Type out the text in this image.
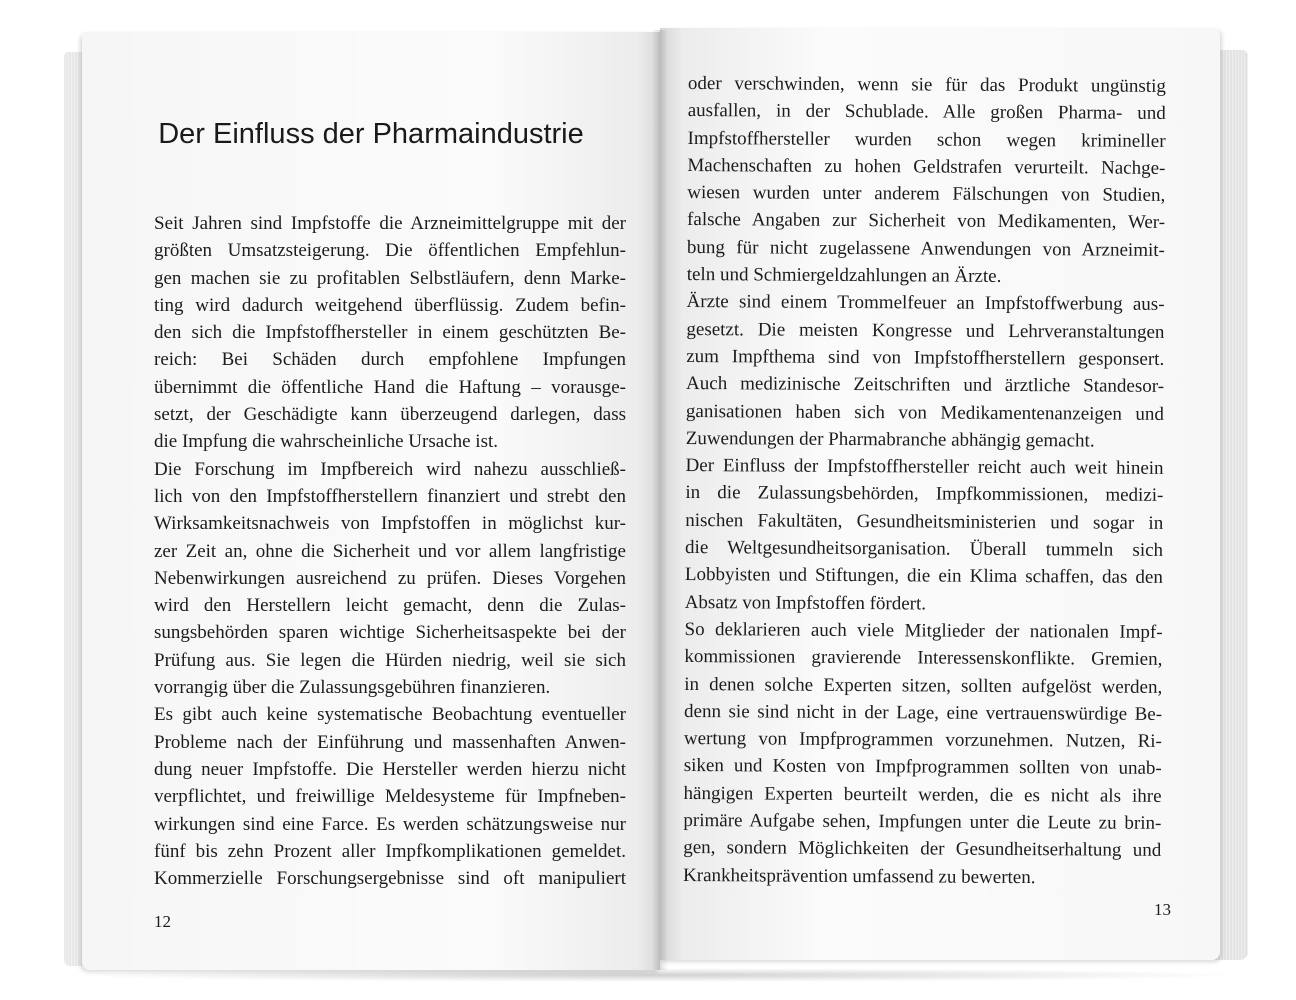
Der Einfluss der Pharmaindustrie

Seit Jahren sind Impfstoffe die Arzneimittelgruppe mit der
größten Umsatzsteigerung. Die öffentlichen Empfehlun-
gen machen sie zu profitablen Selbstläufern, denn Marke-
ting wird dadurch weitgehend überflüssig. Zudem befin-
den sich die Impfstoffhersteller in einem geschützten Be-
reich: Bei Schäden durch empfohlene Impfungen
übernimmt die öffentliche Hand die Haftung – vorausge-
setzt, der Geschädigte kann überzeugend darlegen, dass
die Impfung die wahrscheinliche Ursache ist.

Die Forschung im Impfbereich wird nahezu ausschließ-
lich von den Impfstoffherstellern finanziert und strebt den
Wirksamkeitsnachweis von Impfstoffen in möglichst kur-
zer Zeit an, ohne die Sicherheit und vor allem langfristige
Nebenwirkungen ausreichend zu prüfen. Dieses Vorgehen
wird den Herstellern leicht gemacht, denn die Zulas-
sungsbehörden sparen wichtige Sicherheitsaspekte bei der
Prüfung aus. Sie legen die Hürden niedrig, weil sie sich
vorrangig über die Zulassungsgebühren finanzieren.

Es gibt auch keine systematische Beobachtung eventueller
Probleme nach der Einführung und massenhaften Anwen-
dung neuer Impfstoffe. Die Hersteller werden hierzu nicht
verpflichtet, und freiwillige Meldesysteme für Impfneben-
wirkungen sind eine Farce. Es werden schätzungsweise nur
fünf bis zehn Prozent aller Impfkomplikationen gemeldet.
Kommerzielle Forschungsergebnisse sind oft manipuliert

12

oder verschwinden, wenn sie für das Produkt ungünstig
ausfallen, in der Schublade. Alle großen Pharma- und
Impfstoffhersteller wurden schon wegen krimineller
Machenschaften zu hohen Geldstrafen verurteilt. Nachge-
wiesen wurden unter anderem Fälschungen von Studien,
falsche Angaben zur Sicherheit von Medikamenten, Wer-
bung für nicht zugelassene Anwendungen von Arzneimit-
teln und Schmiergeldzahlungen an Ärzte.

Ärzte sind einem Trommelfeuer an Impfstoffwerbung aus-
gesetzt. Die meisten Kongresse und Lehrveranstaltungen
zum Impfthema sind von Impfstoffherstellern gesponsert.
Auch medizinische Zeitschriften und ärztliche Standesor-
ganisationen haben sich von Medikamentenanzeigen und
Zuwendungen der Pharmabranche abhängig gemacht.

Der Einfluss der Impfstoffhersteller reicht auch weit hinein
in die Zulassungsbehörden, Impfkommissionen, medizi-
nischen Fakultäten, Gesundheitsministerien und sogar in
die Weltgesundheitsorganisation. Überall tummeln sich
Lobbyisten und Stiftungen, die ein Klima schaffen, das den
Absatz von Impfstoffen fördert.

So deklarieren auch viele Mitglieder der nationalen Impf-
kommissionen gravierende Interessenskonflikte. Gremien,
in denen solche Experten sitzen, sollten aufgelöst werden,
denn sie sind nicht in der Lage, eine vertrauenswürdige Be-
wertung von Impfprogrammen vorzunehmen. Nutzen, Ri-
siken und Kosten von Impfprogrammen sollten von unab-
hängigen Experten beurteilt werden, die es nicht als ihre
primäre Aufgabe sehen, Impfungen unter die Leute zu brin-
gen, sondern Möglichkeiten der Gesundheitserhaltung und
Krankheitsprävention umfassend zu bewerten.

13
